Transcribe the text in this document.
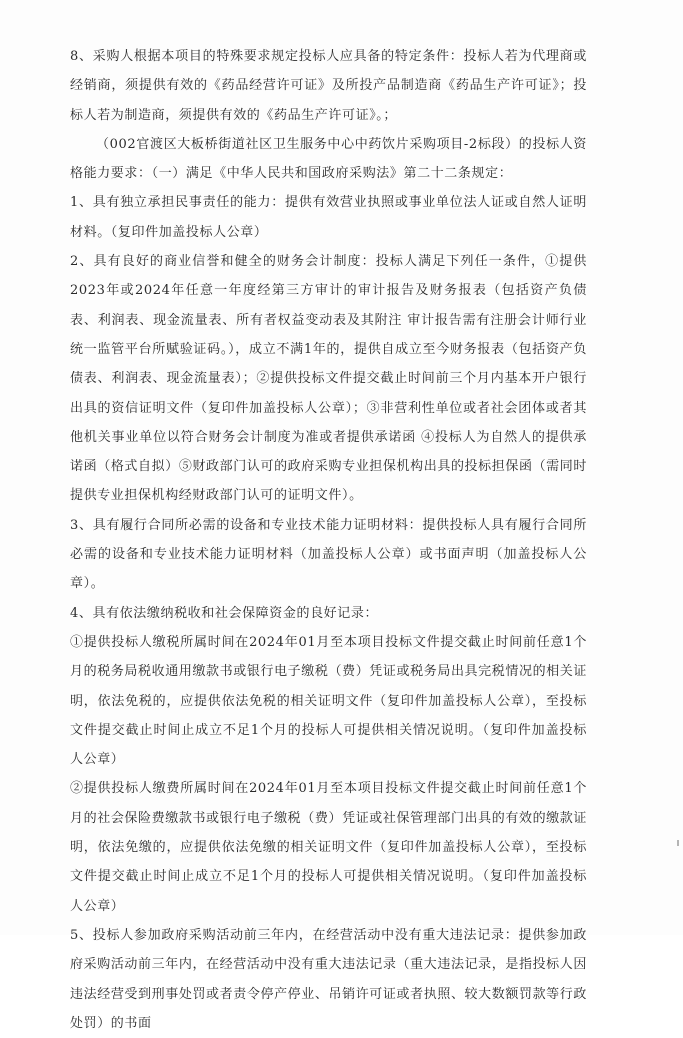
8、采购人根据本项目的特殊要求规定投标人应具备的特定条件：投标人若为代理商或经销商，须提供有效的《药品经营许可证》及所投产品制造商《药品生产许可证》；投标人若为制造商，须提供有效的《药品生产许可证》。；

（002官渡区大板桥街道社区卫生服务中心中药饮片采购项目-2标段）的投标人资格能力要求：（一）满足《中华人民共和国政府采购法》第二十二条规定：

1、具有独立承担民事责任的能力：提供有效营业执照或事业单位法人证或自然人证明材料。（复印件加盖投标人公章）

2、具有良好的商业信誉和健全的财务会计制度：投标人满足下列任一条件，①提供2023年或2024年任意一年度经第三方审计的审计报告及财务报表（包括资产负债表、利润表、现金流量表、所有者权益变动表及其附注 审计报告需有注册会计师行业统一监管平台所赋验证码。），成立不满1年的，提供自成立至今财务报表（包括资产负债表、利润表、现金流量表）；②提供投标文件提交截止时间前三个月内基本开户银行出具的资信证明文件（复印件加盖投标人公章）；③非营利性单位或者社会团体或者其他机关事业单位以符合财务会计制度为准或者提供承诺函 ④投标人为自然人的提供承诺函（格式自拟）⑤财政部门认可的政府采购专业担保机构出具的投标担保函（需同时提供专业担保机构经财政部门认可的证明文件）。

3、具有履行合同所必需的设备和专业技术能力证明材料：提供投标人具有履行合同所必需的设备和专业技术能力证明材料（加盖投标人公章）或书面声明（加盖投标人公章）。

4、具有依法缴纳税收和社会保障资金的良好记录：

①提供投标人缴税所属时间在2024年01月至本项目投标文件提交截止时间前任意1个月的税务局税收通用缴款书或银行电子缴税（费）凭证或税务局出具完税情况的相关证明，依法免税的，应提供依法免税的相关证明文件（复印件加盖投标人公章），至投标文件提交截止时间止成立不足1个月的投标人可提供相关情况说明。（复印件加盖投标人公章）

②提供投标人缴费所属时间在2024年01月至本项目投标文件提交截止时间前任意1个月的社会保险费缴款书或银行电子缴税（费）凭证或社保管理部门出具的有效的缴款证明，依法免缴的，应提供依法免缴的相关证明文件（复印件加盖投标人公章），至投标文件提交截止时间止成立不足1个月的投标人可提供相关情况说明。（复印件加盖投标人公章）

5、投标人参加政府采购活动前三年内，在经营活动中没有重大违法记录：提供参加政府采购活动前三年内，在经营活动中没有重大违法记录（重大违法记录，是指投标人因违法经营受到刑事处罚或者责令停产停业、吊销许可证或者执照、较大数额罚款等行政处罚）的书面
